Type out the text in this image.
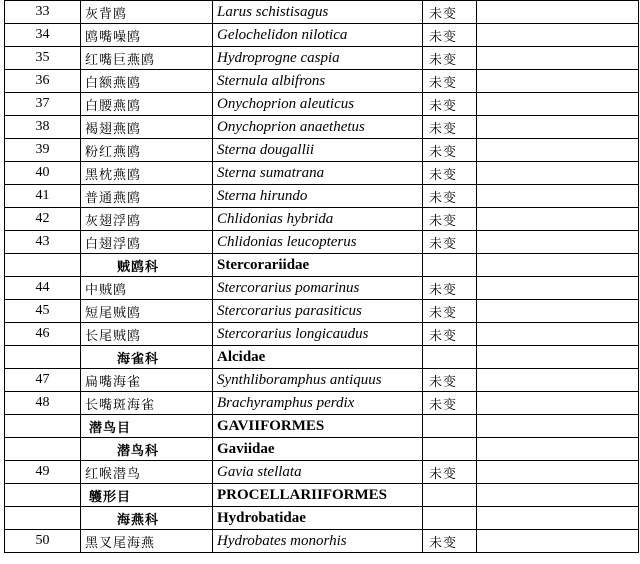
33	灰背鸥	Larus schistisagus	未变	
34	鸥嘴噪鸥	Gelochelidon nilotica	未变	
35	红嘴巨燕鸥	Hydroprogne caspia	未变	
36	白额燕鸥	Sternula albifrons	未变	
37	白腰燕鸥	Onychoprion aleuticus	未变	
38	褐翅燕鸥	Onychoprion anaethetus	未变	
39	粉红燕鸥	Sterna dougallii	未变	
40	黑枕燕鸥	Sterna sumatrana	未变	
41	普通燕鸥	Sterna hirundo	未变	
42	灰翅浮鸥	Chlidonias hybrida	未变	
43	白翅浮鸥	Chlidonias leucopterus	未变	
	贼鸥科	Stercorariidae		
44	中贼鸥	Stercorarius pomarinus	未变	
45	短尾贼鸥	Stercorarius parasiticus	未变	
46	长尾贼鸥	Stercorarius longicaudus	未变	
	海雀科	Alcidae		
47	扁嘴海雀	Synthliboramphus antiquus	未变	
48	长嘴斑海雀	Brachyramphus perdix	未变	
	潜鸟目	GAVIIFORMES		
	潜鸟科	Gaviidae		
49	红喉潜鸟	Gavia stellata	未变	
	鹱形目	PROCELLARIIFORMES		
	海燕科	Hydrobatidae		
50	黑叉尾海燕	Hydrobates monorhis	未变	
